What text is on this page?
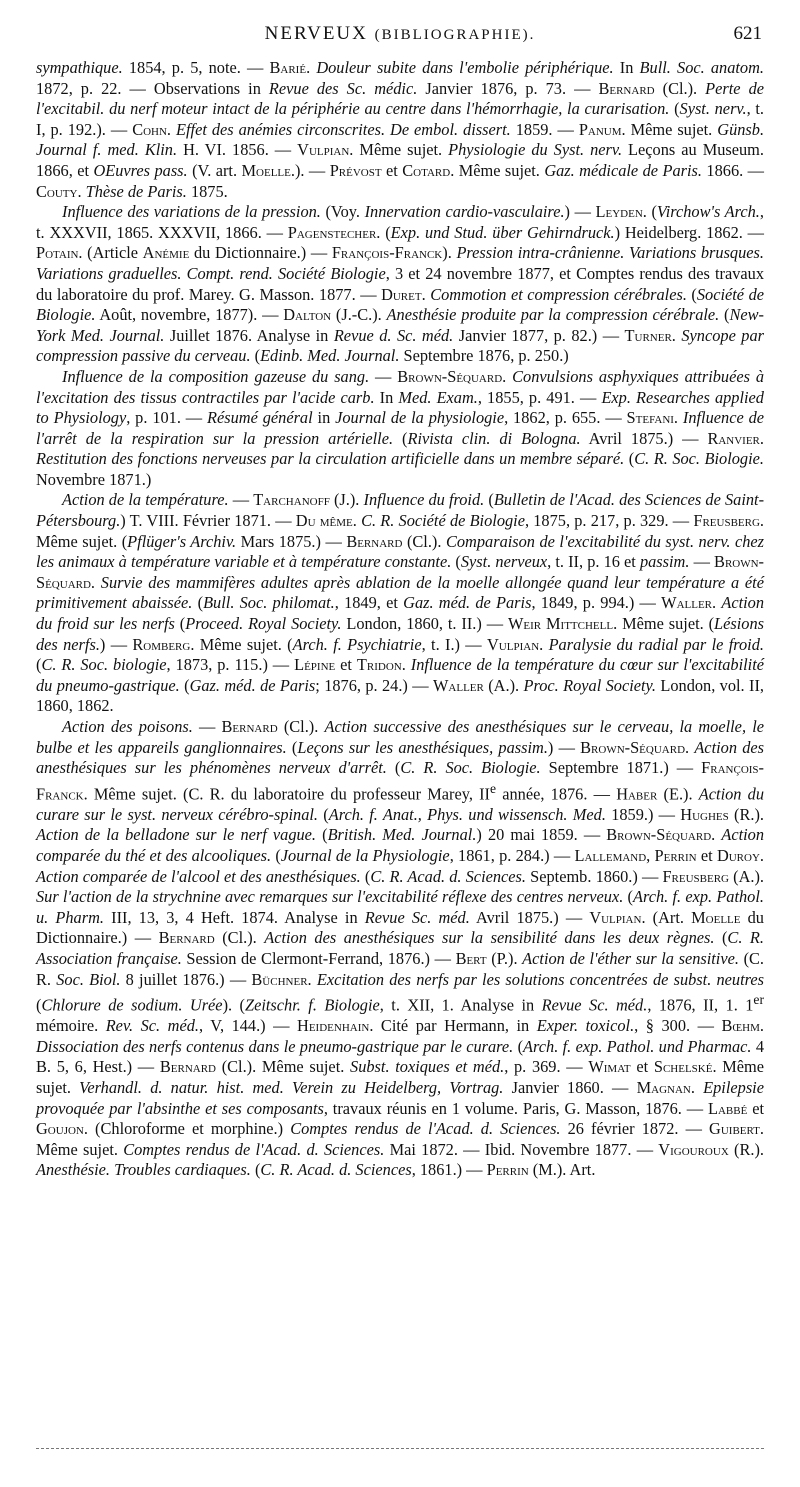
NERVEUX (BIBLIOGRAPHIE).	621

sympathique. 1854, p. 5, note. — Barié. Douleur subite dans l'embolie périphérique. In Bull. Soc. anatom. 1872, p. 22. — Observations in Revue des Sc. médic. Janvier 1876, p. 73. — Bernard (Cl.). Perte de l'excitabil. du nerf moteur intact de la périphérie au centre dans l'hémorrhagie, la curarisation. (Syst. nerv., t. I, p. 192.). — Cohn. Effet des anémies circonscrites. De embol. dissert. 1859. — Panum. Même sujet. Günsb. Journal f. med. Klin. H. VI. 1856. — Vulpian. Même sujet. Physiologie du Syst. nerv. Leçons au Museum. 1866, et OEuvres pass. (V. art. Moelle.). — Prévost et Cotard. Même sujet. Gaz. médicale de Paris. 1866. — Couty. Thèse de Paris. 1875.

Influence des variations de la pression. (Voy. Innervation cardio-vasculaire.) — Leyden. (Virchow's Arch., t. XXXVII, 1865. XXXVII, 1866. — Pagenstecher. (Exp. und Stud. über Gehirndruck.) Heidelberg. 1862. — Potain. (Article Anémie du Dictionnaire.) — François-Franck). Pression intra-crânienne. Variations brusques. Variations graduelles. Compt. rend. Société Biologie, 3 et 24 novembre 1877, et Comptes rendus des travaux du laboratoire du prof. Marey. G. Masson. 1877. — Duret. Commotion et compression cérébrales. (Société de Biologie. Août, novembre, 1877). — Dalton (J.-C.). Anesthésie produite par la compression cérébrale. (New-York Med. Journal. Juillet 1876. Analyse in Revue d. Sc. méd. Janvier 1877, p. 82.) — Turner. Syncope par compression passive du cerveau. (Edinb. Med. Journal. Septembre 1876, p. 250.)

Influence de la composition gazeuse du sang. — Brown-Séquard. Convulsions asphyxiques attribuées à l'excitation des tissus contractiles par l'acide carb. In Med. Exam., 1855, p. 491. — Exp. Researches applied to Physiology, p. 101. — Résumé général in Journal de la physiologie, 1862, p. 655. — Stefani. Influence de l'arrêt de la respiration sur la pression artérielle. (Rivista clin. di Bologna. Avril 1875.) — Ranvier. Restitution des fonctions nerveuses par la circulation artificielle dans un membre séparé. (C. R. Soc. Biologie. Novembre 1871.)

Action de la température. — Tarchanoff (J.). Influence du froid. (Bulletin de l'Acad. des Sciences de Saint-Pétersbourg.) T. VIII. Février 1871. — Du même. C. R. Société de Biologie, 1875, p. 217, p. 329. — Freusberg. Même sujet. (Pflüger's Archiv. Mars 1875.) — Bernard (Cl.). Comparaison de l'excitabilité du syst. nerv. chez les animaux à température variable et à température constante. (Syst. nerveux, t. II, p. 16 et passim. — Brown-Séquard. Survie des mammifères adultes après ablation de la moelle allongée quand leur température a été primitivement abaissée. (Bull. Soc. philomat., 1849, et Gaz. méd. de Paris, 1849, p. 994.) — Waller. Action du froid sur les nerfs (Proceed. Royal Society. London, 1860, t. II.) — Weir Mittchell. Même sujet. (Lésions des nerfs.) — Romberg. Même sujet. (Arch. f. Psychiatrie, t. I.) — Vulpian. Paralysie du radial par le froid. (C. R. Soc. biologie, 1873, p. 115.) — Lépine et Tridon. Influence de la température du cœur sur l'excitabilité du pneumo-gastrique. (Gaz. méd. de Paris; 1876, p. 24.) — Waller (A.). Proc. Royal Society. London, vol. II, 1860, 1862.

Action des poisons. — Bernard (Cl.). Action successive des anesthésiques sur le cerveau, la moelle, le bulbe et les appareils ganglionnaires. (Leçons sur les anesthésiques, passim.) — Brown-Séquard. Action des anesthésiques sur les phénomènes nerveux d'arrêt. (C. R. Soc. Biologie. Septembre 1871.) — François-Franck. Même sujet. (C. R. du laboratoire du professeur Marey, IIe année, 1876. — Haber (E.). Action du curare sur le syst. nerveux cérébro-spinal. (Arch. f. Anat., Phys. und wissensch. Med. 1859.) — Hughes (R.). Action de la belladone sur le nerf vague. (British. Med. Journal.) 20 mai 1859. — Brown-Séquard. Action comparée du thé et des alcooliques. (Journal de la Physiologie, 1861, p. 284.) — Lallemand, Perrin et Duroy. Action comparée de l'alcool et des anesthésiques. (C. R. Acad. d. Sciences. Septemb. 1860.) — Freusberg (A.). Sur l'action de la strychnine avec remarques sur l'excitabilité réflexe des centres nerveux. (Arch. f. exp. Pathol. u. Pharm. III, 13, 3, 4 Heft. 1874. Analyse in Revue Sc. méd. Avril 1875.) — Vulpian. (Art. Moelle du Dictionnaire.) — Bernard (Cl.). Action des anesthésiques sur la sensibilité dans les deux règnes. (C. R. Association française. Session de Clermont-Ferrand, 1876.) — Bert (P.). Action de l'éther sur la sensitive. (C. R. Soc. Biol. 8 juillet 1876.) — Büchner. Excitation des nerfs par les solutions concentrées de subst. neutres (Chlorure de sodium. Urée). (Zeitschr. f. Biologie, t. XII, 1. Analyse in Revue Sc. méd., 1876, II, 1. 1er mémoire. Rev. Sc. méd., V, 144.) — Heidenhain. Cité par Hermann, in Exper. toxicol., § 300. — Bœhm. Dissociation des nerfs contenus dans le pneumo-gastrique par le curare. (Arch. f. exp. Pathol. und Pharmac. 4 B. 5, 6, Hest.) — Bernard (Cl.). Même sujet. Subst. toxiques et méd., p. 369. — Wimat et Schelské. Même sujet. Verhandl. d. natur. hist. med. Verein zu Heidelberg, Vortrag. Janvier 1860. — Magnan. Epilepsie provoquée par l'absinthe et ses composants, travaux réunis en 1 volume. Paris, G. Masson, 1876. — Labbé et Goujon. (Chloroforme et morphine.) Comptes rendus de l'Acad. d. Sciences. 26 février 1872. — Guibert. Même sujet. Comptes rendus de l'Acad. d. Sciences. Mai 1872. — Ibid. Novembre 1877. — Vigouroux (R.). Anesthésie. Troubles cardiaques. (C. R. Acad. d. Sciences, 1861.) — Perrin (M.). Art.
